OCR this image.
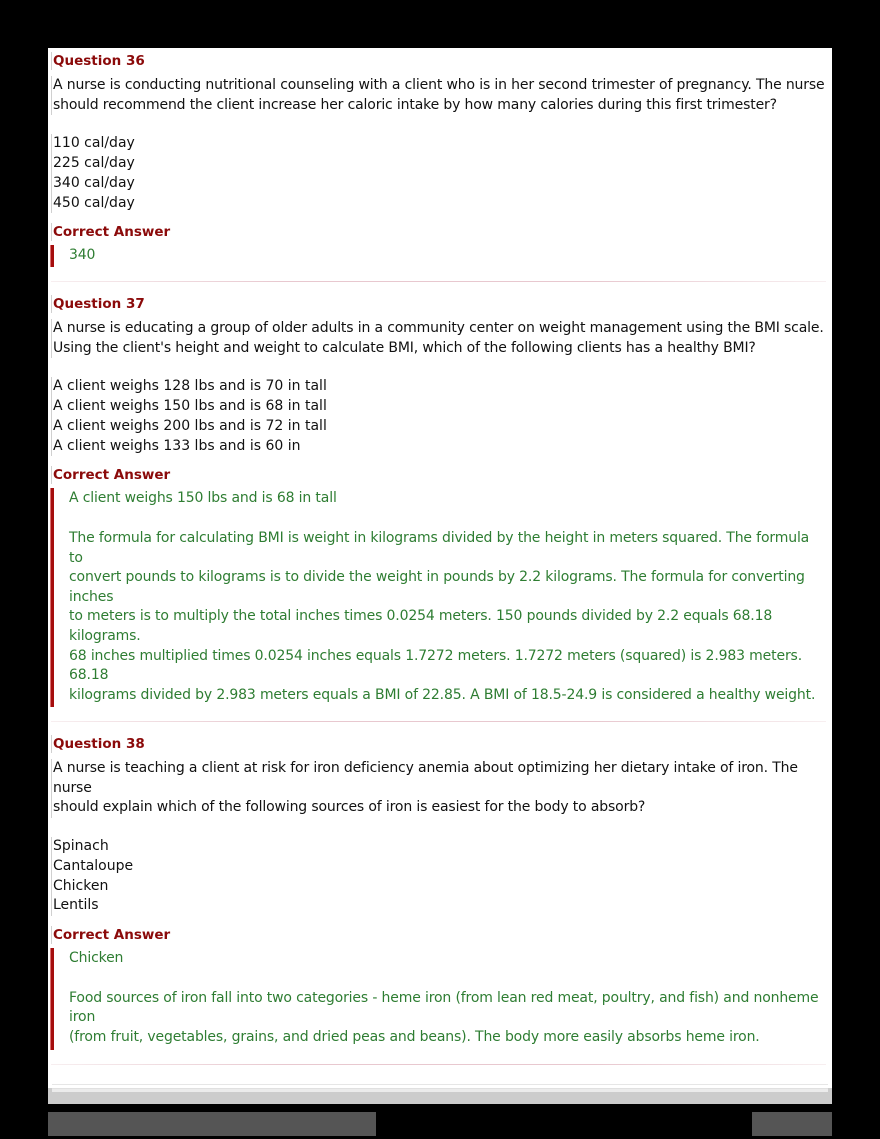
Question 36
A nurse is conducting nutritional counseling with a client who is in her second trimester of pregnancy. The nurse
should recommend the client increase her caloric intake by how many calories during this first trimester?
110 cal/day
225 cal/day
340 cal/day
450 cal/day
Correct Answer

340

Question 37
A nurse is educating a group of older adults in a community center on weight management using the BMI scale.
Using the client's height and weight to calculate BMI, which of the following clients has a healthy BMI?
A client weighs 128 lbs and is 70 in tall
A client weighs 150 lbs and is 68 in tall
A client weighs 200 lbs and is 72 in tall
A client weighs 133 lbs and is 60 in
Correct Answer

A client weighs 150 lbs and is 68 in tall

The formula for calculating BMI is weight in kilograms divided by the height in meters squared. The formula to
convert pounds to kilograms is to divide the weight in pounds by 2.2 kilograms. The formula for converting inches
to meters is to multiply the total inches times 0.0254 meters. 150 pounds divided by 2.2 equals 68.18 kilograms.
68 inches multiplied times 0.0254 inches equals 1.7272 meters. 1.7272 meters (squared) is 2.983 meters. 68.18
kilograms divided by 2.983 meters equals a BMI of 22.85. A BMI of 18.5-24.9 is considered a healthy weight.
Question 38
A nurse is teaching a client at risk for iron deficiency anemia about optimizing her dietary intake of iron. The nurse
should explain which of the following sources of iron is easiest for the body to absorb?
Spinach
Cantaloupe
Chicken
Lentils
Correct Answer

Chicken

Food sources of iron fall into two categories - heme iron (from lean red meat, poultry, and fish) and nonheme iron
(from fruit, vegetables, grains, and dried peas and beans). The body more easily absorbs heme iron.
